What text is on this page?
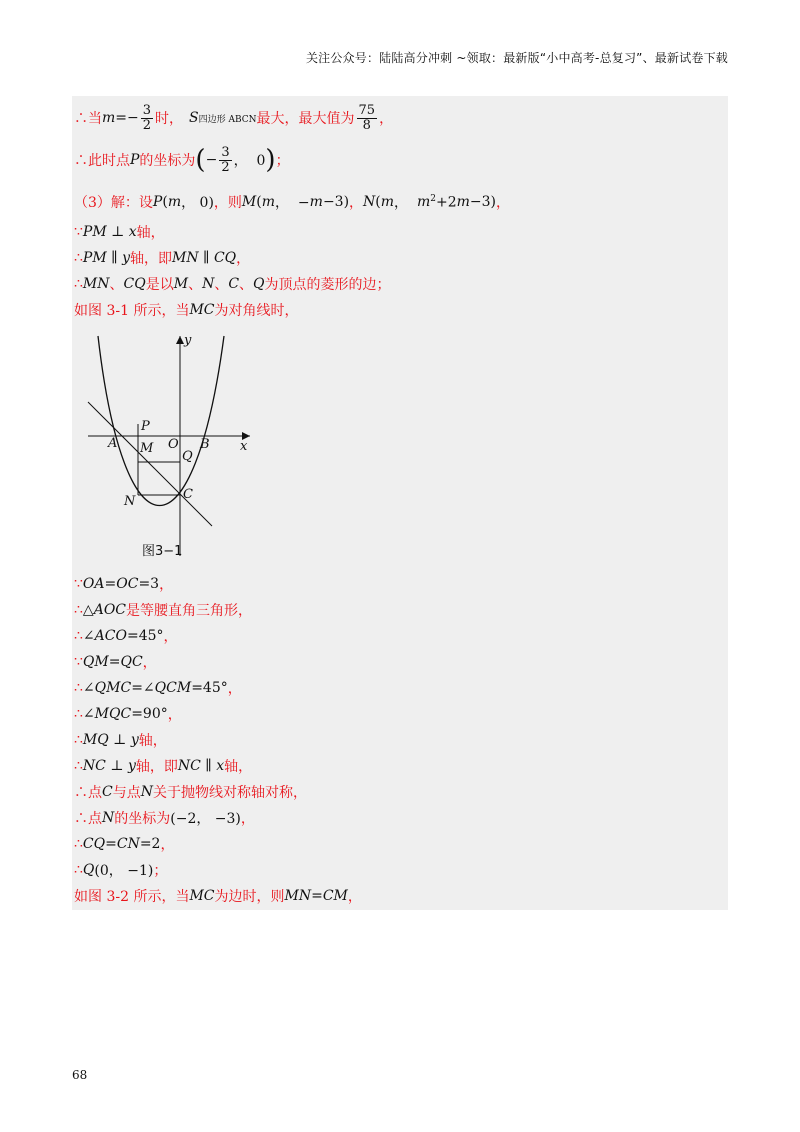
关注公众号：陆陆高分冲刺 ~领取：最新版“小中高考-总复习”、最新试卷下载
∴当 $m =- \frac{3}{2}$ 时， S 四边形 ABCN 最大，最大值为 $\frac{75}{8}$ ，
∴此时点 P 的坐标为 ( − $\frac{3}{2}$ ，  0 ) ；
（3）解：设 P ( m ， 0) ，则 M ( m ，  − m −3) ， N ( m ， m $^2$+2 m −3) ，
∵ PM ⊥ x 轴，
∴ PM ∥ y 轴，即 MN ∥ CQ ，
∴ MN 、 CQ 是以 M 、 N 、 C 、 Q 为顶点的菱形的边；
如图 3-1 所示，当 MC 为对角线时，
y
x
P
A M O B
Q
N	C
图3−1
∵ OA = OC =3 ，
∴ △ AOC 是等腰直角三角形，
∴ ∠ ACO =45° ，
∵ QM = QC ，
∴ ∠ QMC =∠ QCM =45° ，
∴ ∠ MQC =90° ，
∴ MQ ⊥ y 轴，
∴ NC ⊥ y 轴，即 NC ∥ x 轴，
∴点 C 与点 N 关于抛物线对称轴对称，
∴点 N 的坐标为 (−2， −3) ，
∴ CQ = CN =2 ，
∴ Q (0， −1) ；
如图 3-2 所示，当 MC 为边时，则 MN = CM ，
68
